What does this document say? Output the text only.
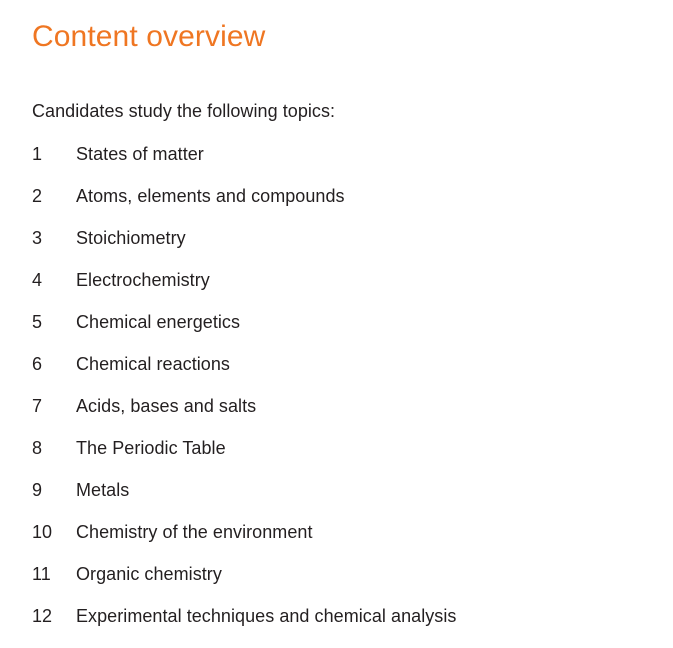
Content overview

Candidates study the following topics:

1	States of matter
2	Atoms, elements and compounds
3	Stoichiometry
4	Electrochemistry
5	Chemical energetics
6	Chemical reactions
7	Acids, bases and salts
8	The Periodic Table
9	Metals
10	Chemistry of the environment
11	Organic chemistry
12	Experimental techniques and chemical analysis
